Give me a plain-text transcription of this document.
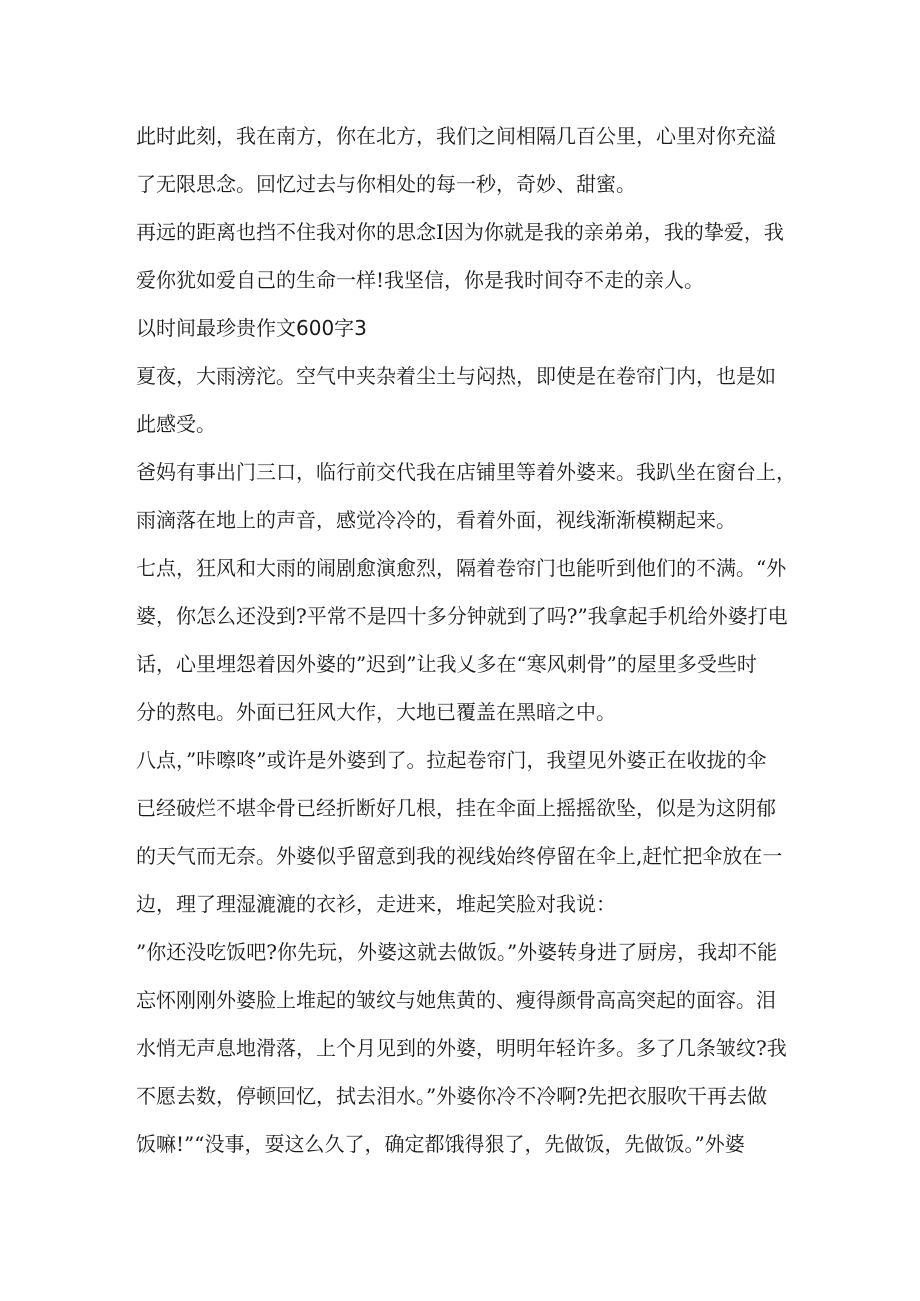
此时此刻，我在南方，你在北方，我们之间相隔几百公里，心里对你充溢
了无限思念。回忆过去与你相处的每一秒，奇妙、甜蜜。
再远的距离也挡不住我对你的思念I因为你就是我的亲弟弟，我的挚爱，我
爱你犹如爱自己的生命一样!我坚信，你是我时间夺不走的亲人。
以时间最珍贵作文600字3
夏夜，大雨滂沱。空气中夹杂着尘土与闷热，即使是在卷帘门内，也是如
此感受。
爸妈有事出门三口，临行前交代我在店铺里等着外婆来。我趴坐在窗台上，
雨滴落在地上的声音，感觉冷冷的，看着外面，视线渐渐模糊起来。
七点，狂风和大雨的闹剧愈演愈烈，隔着卷帘门也能听到他们的不满。“外
婆，你怎么还没到?平常不是四十多分钟就到了吗?”我拿起手机给外婆打电
话，心里埋怨着因外婆的”迟到”让我乂多在“寒风刺骨”的屋里多受些时
分的熬电。外面已狂风大作，大地已覆盖在黑暗之中。
八点，”咔嚓咚”或许是外婆到了。拉起卷帘门，我望见外婆正在收拢的伞
已经破烂不堪伞骨已经折断好几根，挂在伞面上摇摇欲坠，似是为这阴郁
的天气而无奈。外婆似乎留意到我的视线始终停留在伞上,赶忙把伞放在一
边，理了理湿漉漉的衣衫，走进来，堆起笑脸对我说：
”你还没吃饭吧?你先玩，外婆这就去做饭。”外婆转身进了厨房，我却不能
忘怀刚刚外婆脸上堆起的皱纹与她焦黄的、瘦得颜骨高高突起的面容。泪
水悄无声息地滑落，上个月见到的外婆，明明年轻许多。多了几条皱纹?我
不愿去数，停顿回忆，拭去泪水。”外婆你冷不冷啊?先把衣服吹干再去做
饭嘛!”“没事，耍这么久了，确定都饿得狠了，先做饭，先做饭。”外婆
